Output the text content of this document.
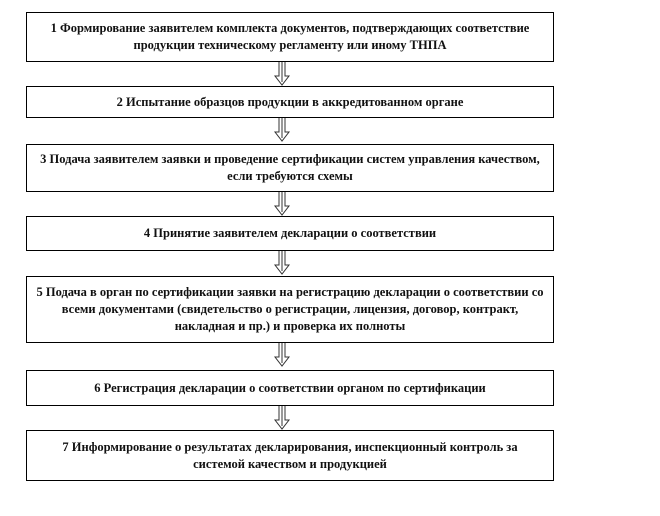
1 Формирование заявителем комплекта документов, подтверждающих соответствие продукции техническому регламенту или иному ТНПА
2 Испытание образцов продукции в аккредитованном органе
3 Подача заявителем заявки и проведение сертификации систем управления качеством, если требуются схемы
4 Принятие заявителем декларации о соответствии
5 Подача в орган по сертификации заявки на регистрацию декларации о соответствии со всеми документами (свидетельство о регистрации, лицензия, договор, контракт, накладная и пр.) и проверка их полноты
6 Регистрация декларации о соответствии органом по сертификации
7 Информирование о результатах декларирования, инспекционный контроль за системой качеством и продукцией
